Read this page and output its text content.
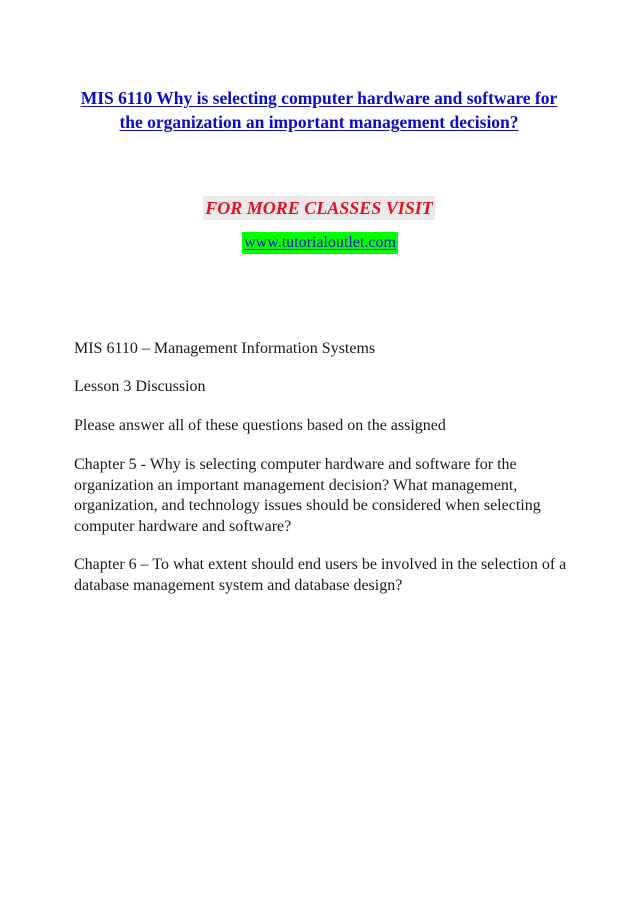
MIS 6110 Why is selecting computer hardware and software for the organization an important management decision?
FOR MORE CLASSES VISIT
www.tutorialoutlet.com

MIS 6110 – Management Information Systems

Lesson 3 Discussion

Please answer all of these questions based on the assigned

Chapter 5 - Why is selecting computer hardware and software for the organization an important management decision? What management, organization, and technology issues should be considered when selecting computer hardware and software?

Chapter 6 – To what extent should end users be involved in the selection of a database management system and database design?
